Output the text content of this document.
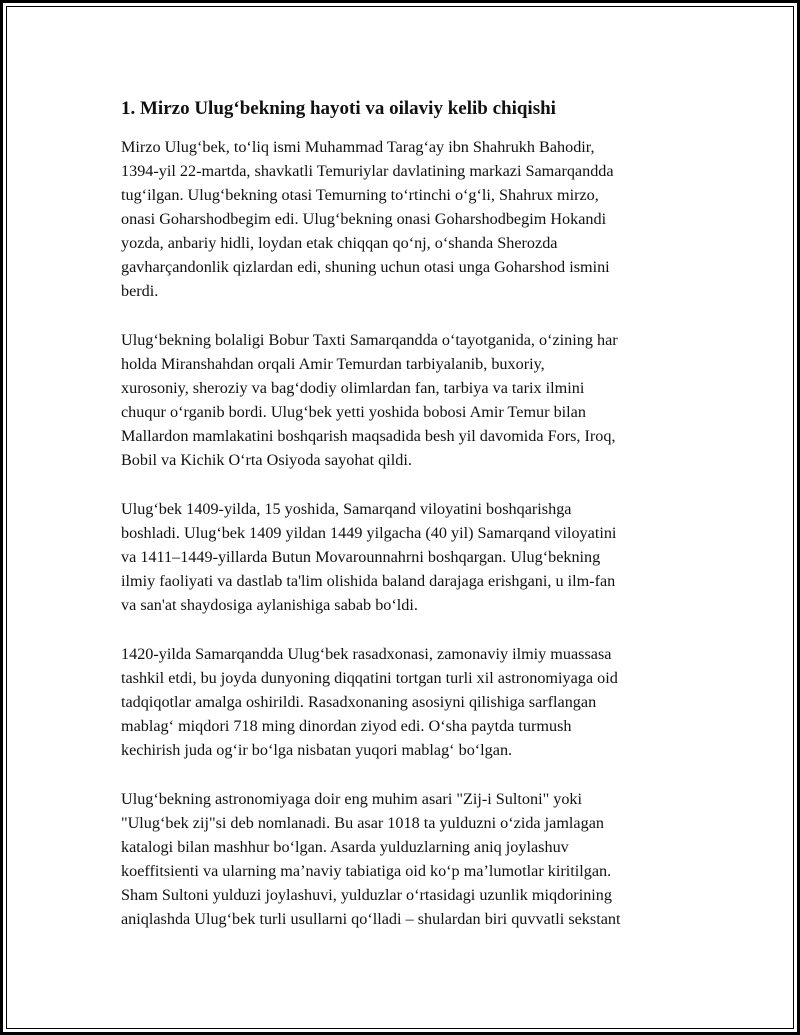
1. Mirzo Ulug‘bekning hayoti va oilaviy kelib chiqishi

Mirzo Ulug‘bek, to‘liq ismi Muhammad Tarag‘ay ibn Shahrukh Bahodir,
1394-yil 22-martda, shavkatli Temuriylar davlatining markazi Samarqandda
tug‘ilgan. Ulug‘bekning otasi Temurning to‘rtinchi o‘g‘li, Shahrux mirzo,
onasi Goharshodbegim edi. Ulug‘bekning onasi Goharshodbegim Hokandi
yozda, anbariy hidli, loydan etak chiqqan qo‘nj, o‘shanda Sherozda
gavharçandonlik qizlardan edi, shuning uchun otasi unga Goharshod ismini
berdi.

Ulug‘bekning bolaligi Bobur Taxti Samarqandda o‘tayotganida, o‘zining har
holda Miranshahdan orqali Amir Temurdan tarbiyalanib, buxoriy,
xurosoniy, sheroziy va bag‘dodiy olimlardan fan, tarbiya va tarix ilmini
chuqur o‘rganib bordi. Ulug‘bek yetti yoshida bobosi Amir Temur bilan
Mallardon mamlakatini boshqarish maqsadida besh yil davomida Fors, Iroq,
Bobil va Kichik O‘rta Osiyoda sayohat qildi.

Ulug‘bek 1409-yilda, 15 yoshida, Samarqand viloyatini boshqarishga
boshladi. Ulug‘bek 1409 yildan 1449 yilgacha (40 yil) Samarqand viloyatini
va 1411–1449-yillarda Butun Movarounnahrni boshqargan. Ulug‘bekning
ilmiy faoliyati va dastlab ta'lim olishida baland darajaga erishgani, u ilm-fan
va san'at shaydosiga aylanishiga sabab bo‘ldi.

1420-yilda Samarqandda Ulug‘bek rasadxonasi, zamonaviy ilmiy muassasa
tashkil etdi, bu joyda dunyoning diqqatini tortgan turli xil astronomiyaga oid
tadqiqotlar amalga oshirildi. Rasadxonaning asosiyni qilishiga sarflangan
mablag‘ miqdori 718 ming dinordan ziyod edi. O‘sha paytda turmush
kechirish juda og‘ir bo‘lga nisbatan yuqori mablag‘ bo‘lgan.

Ulug‘bekning astronomiyaga doir eng muhim asari "Zij-i Sultoni" yoki
"Ulug‘bek zij"si deb nomlanadi. Bu asar 1018 ta yulduzni o‘zida jamlagan
katalogi bilan mashhur bo‘lgan. Asarda yulduzlarning aniq joylashuv
koeffitsienti va ularning ma’naviy tabiatiga oid ko‘p ma’lumotlar kiritilgan.
Sham Sultoni yulduzi joylashuvi, yulduzlar o‘rtasidagi uzunlik miqdorining
aniqlashda Ulug‘bek turli usullarni qo‘lladi – shulardan biri quvvatli sekstant
